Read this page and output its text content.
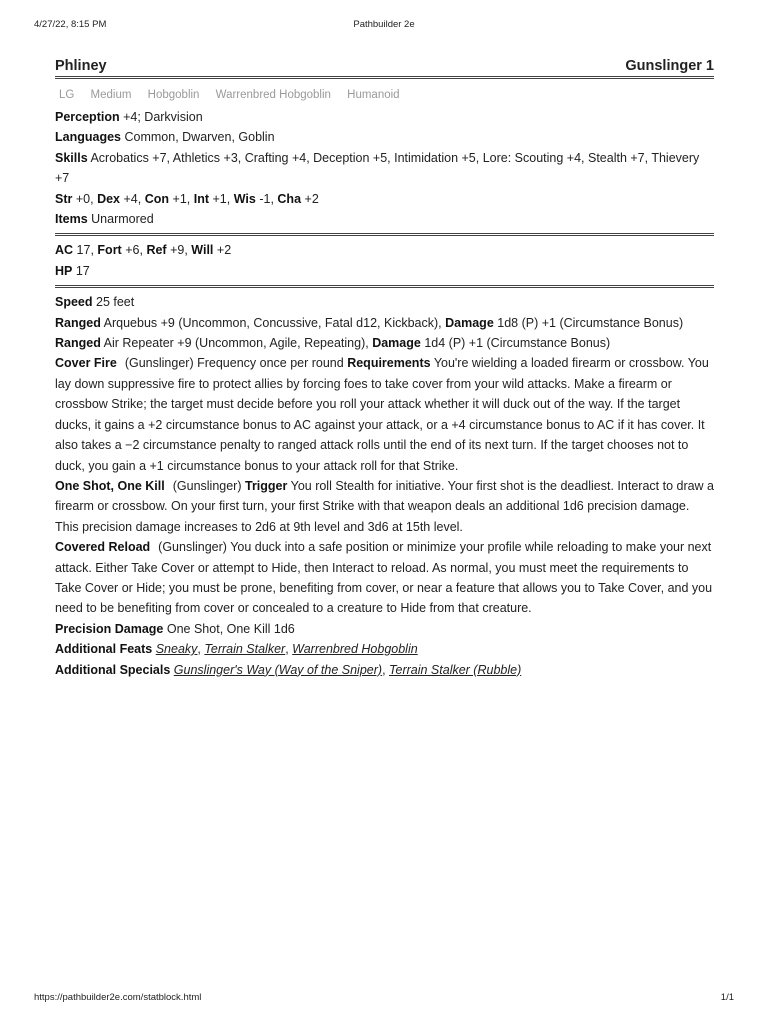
4/27/22, 8:15 PM	Pathbuilder 2e
Phliney	Gunslinger 1
LG Medium Hobgoblin Warrenbred Hobgoblin Humanoid
Perception +4; Darkvision
Languages Common, Dwarven, Goblin
Skills Acrobatics +7, Athletics +3, Crafting +4, Deception +5, Intimidation +5, Lore: Scouting +4, Stealth +7, Thievery +7
Str +0, Dex +4, Con +1, Int +1, Wis -1, Cha +2
Items Unarmored
AC 17, Fort +6, Ref +9, Will +2
HP 17
Speed 25 feet
Ranged Arquebus +9 (Uncommon, Concussive, Fatal d12, Kickback), Damage 1d8 (P) +1 (Circumstance Bonus)
Ranged Air Repeater +9 (Uncommon, Agile, Repeating), Damage 1d4 (P) +1 (Circumstance Bonus)
Cover Fire (Gunslinger) Frequency once per round Requirements You're wielding a loaded firearm or crossbow. You lay down suppressive fire to protect allies by forcing foes to take cover from your wild attacks. Make a firearm or crossbow Strike; the target must decide before you roll your attack whether it will duck out of the way. If the target ducks, it gains a +2 circumstance bonus to AC against your attack, or a +4 circumstance bonus to AC if it has cover. It also takes a −2 circumstance penalty to ranged attack rolls until the end of its next turn. If the target chooses not to duck, you gain a +1 circumstance bonus to your attack roll for that Strike.
One Shot, One Kill (Gunslinger) Trigger You roll Stealth for initiative. Your first shot is the deadliest. Interact to draw a firearm or crossbow. On your first turn, your first Strike with that weapon deals an additional 1d6 precision damage. This precision damage increases to 2d6 at 9th level and 3d6 at 15th level.
Covered Reload (Gunslinger) You duck into a safe position or minimize your profile while reloading to make your next attack. Either Take Cover or attempt to Hide, then Interact to reload. As normal, you must meet the requirements to Take Cover or Hide; you must be prone, benefiting from cover, or near a feature that allows you to Take Cover, and you need to be benefiting from cover or concealed to a creature to Hide from that creature.
Precision Damage One Shot, One Kill 1d6
Additional Feats Sneaky, Terrain Stalker, Warrenbred Hobgoblin
Additional Specials Gunslinger's Way (Way of the Sniper), Terrain Stalker (Rubble)
https://pathbuilder2e.com/statblock.html	1/1
